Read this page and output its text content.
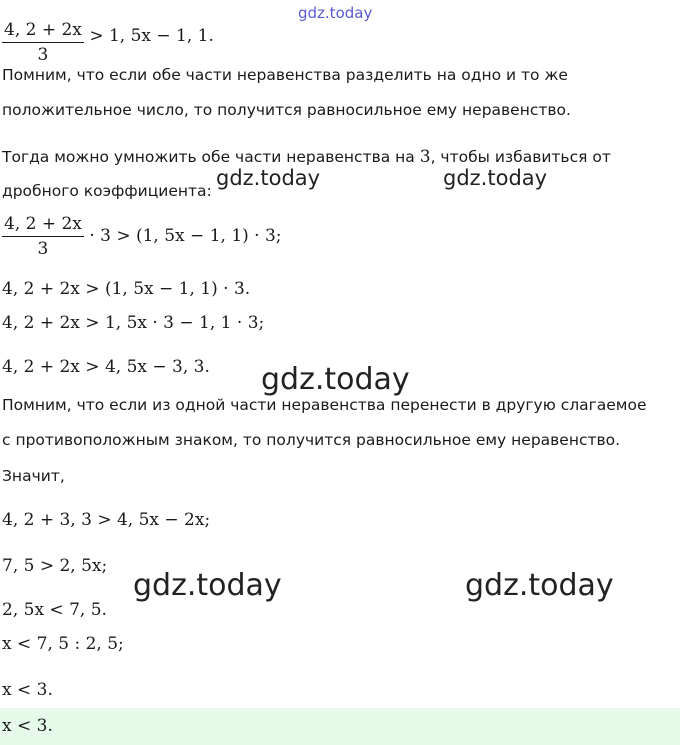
gdz.today
gdz.today	gdz.today
gdz.today
gdz.today	gdz.today
$\frac{4, 2 + 2x}{3} > 1$, 5x − 1, 1.
Помним, что если обе части неравенства разделить на одно и то же
положительное число, то получится равносильное ему неравенство.
Тогда можно умножить обе части неравенства на 3, чтобы избавиться от
дробного коэффициента:
$\frac{4, 2 + 2x}{3} \cdot 3 > (1$, 5x − 1, 1) · 3;
4, 2 + 2x > (1, 5x − 1, 1) · 3.
4, 2 + 2x > 1, 5x · 3 − 1, 1 · 3;
4, 2 + 2x > 4, 5x − 3, 3.
Помним, что если из одной части неравенства перенести в другую слагаемое
с противоположным знаком, то получится равносильное ему неравенство.
Значит,
4, 2 + 3, 3 > 4, 5x − 2x;
7, 5 > 2, 5x;
2, 5x < 7, 5.
x < 7, 5 : 2, 5;
x < 3.
x < 3.
